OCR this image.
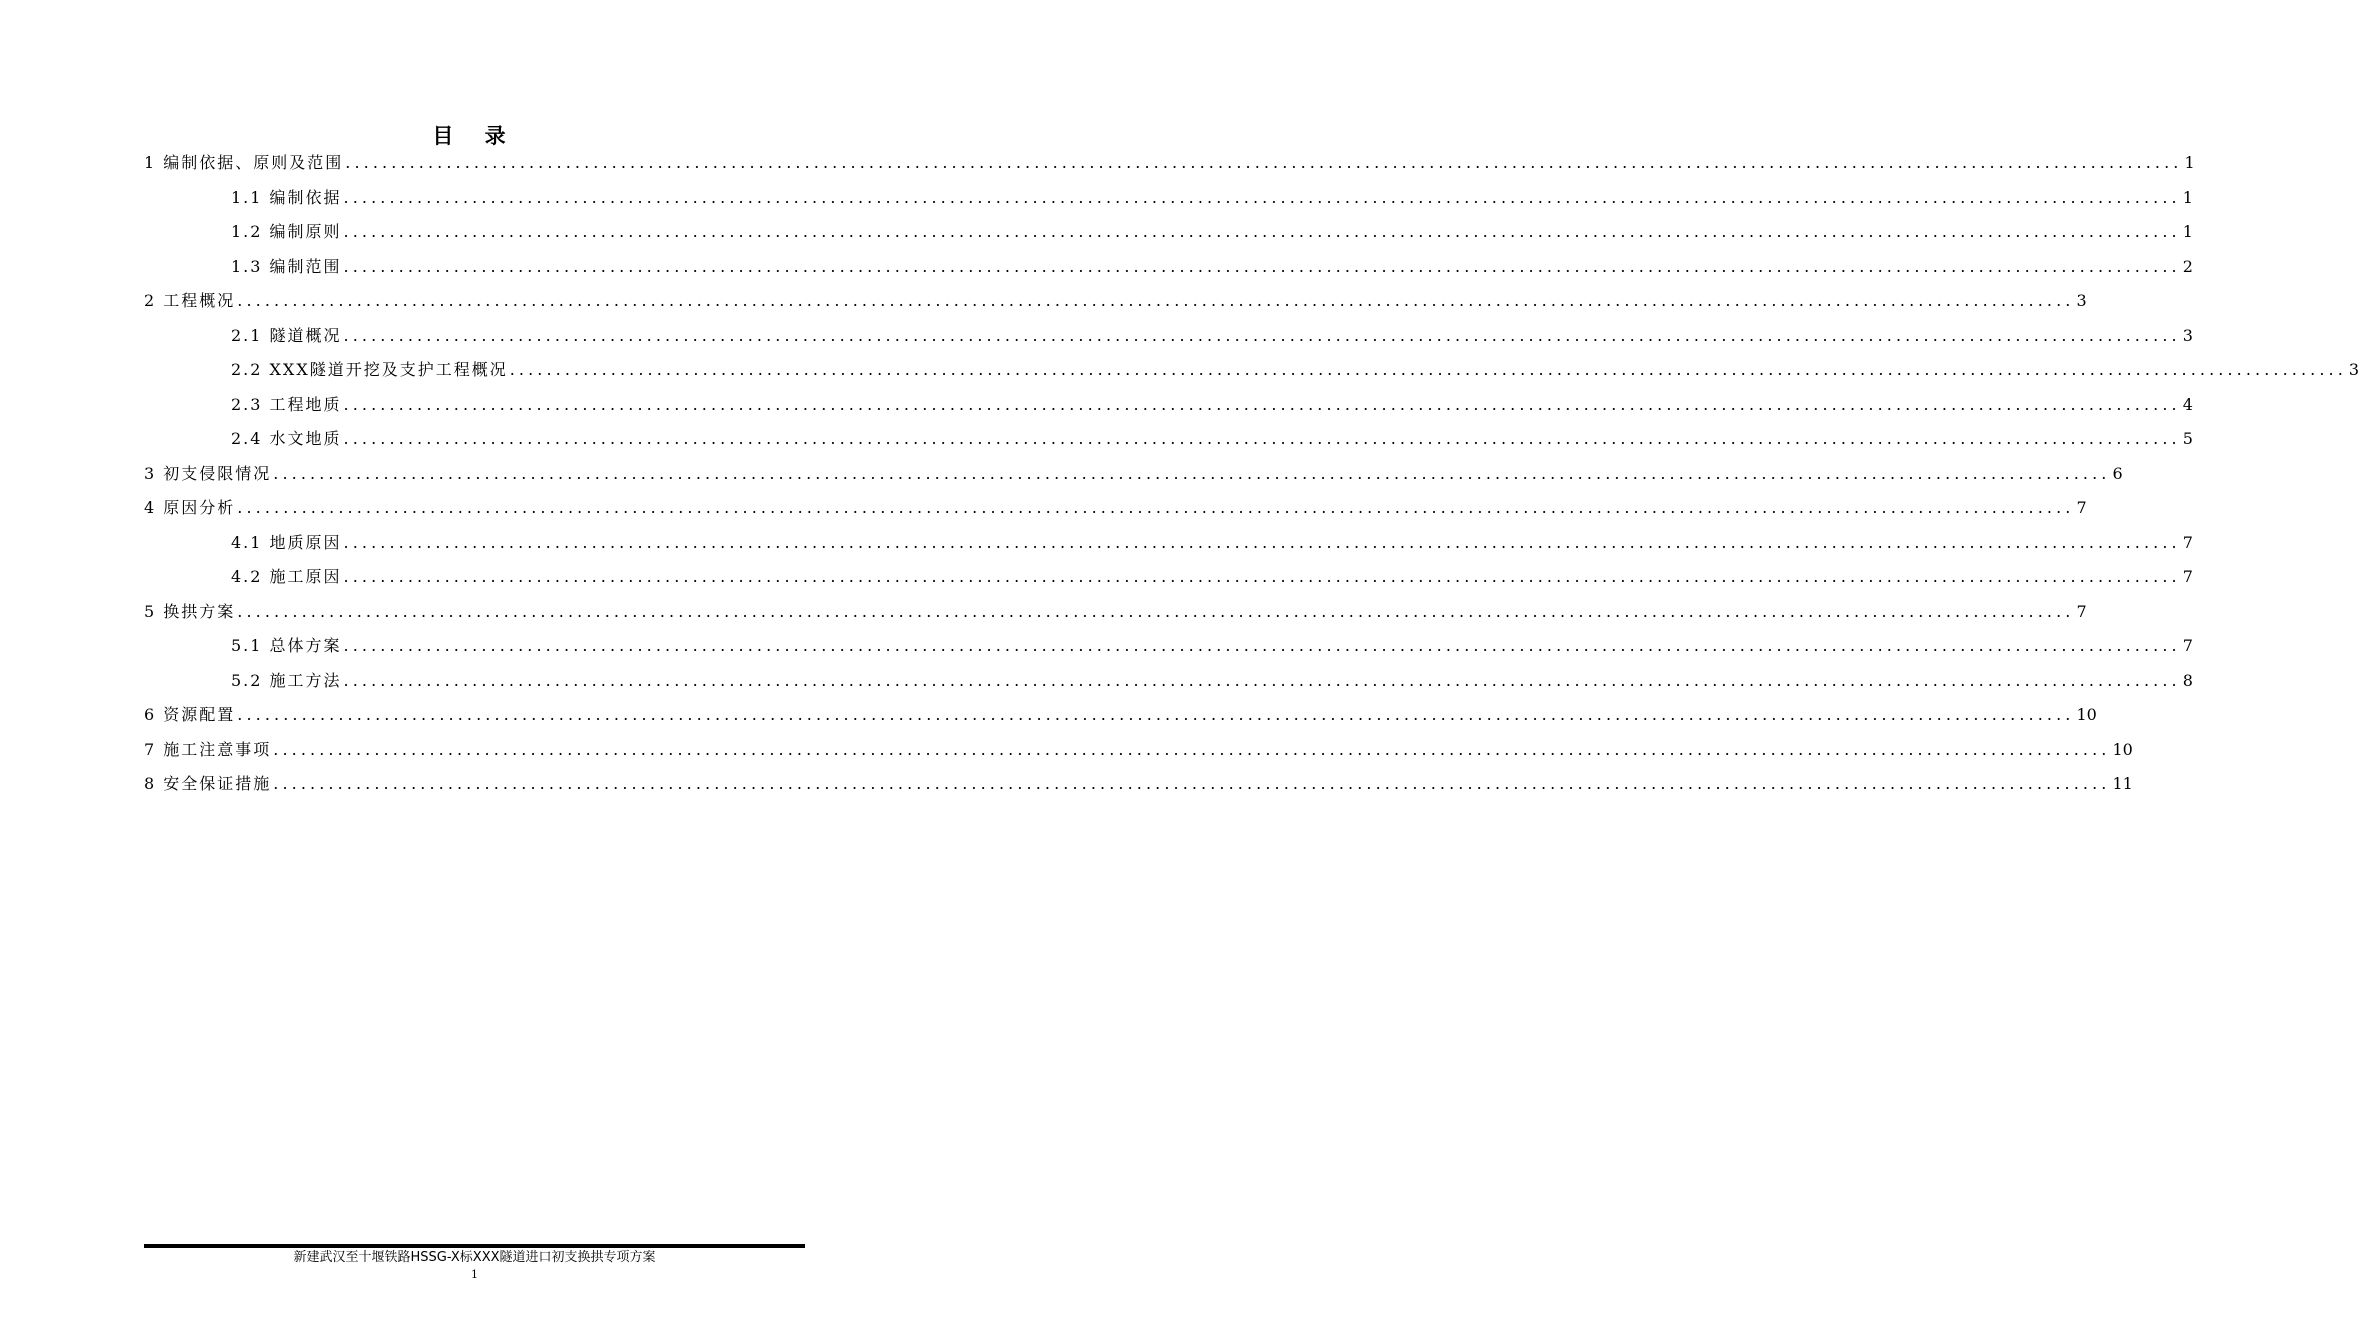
目 录
1 编制依据、原则及范围 ........................................................................................................................................................................................................ 1
1.1 编制依据 ........................................................................................................................................................................................................ 1
1.2 编制原则 ........................................................................................................................................................................................................ 1
1.3 编制范围 ........................................................................................................................................................................................................ 2
2 工程概况 ........................................................................................................................................................................................................ 3
2.1 隧道概况 ........................................................................................................................................................................................................ 3
2.2 XXX隧道开挖及支护工程概况 ........................................................................................................................................................................................................ 3
2.3 工程地质 ........................................................................................................................................................................................................ 4
2.4 水文地质 ........................................................................................................................................................................................................ 5
3 初支侵限情况 ........................................................................................................................................................................................................ 6
4 原因分析 ........................................................................................................................................................................................................ 7
4.1 地质原因 ........................................................................................................................................................................................................ 7
4.2 施工原因 ........................................................................................................................................................................................................ 7
5 换拱方案 ........................................................................................................................................................................................................ 7
5.1 总体方案 ........................................................................................................................................................................................................ 7
5.2 施工方法 ........................................................................................................................................................................................................ 8
6 资源配置 ........................................................................................................................................................................................................ 10
7 施工注意事项 ........................................................................................................................................................................................................ 10
8 安全保证措施 ........................................................................................................................................................................................................ 11
新建武汉至十堰铁路HSSG-X标XXX隧道进口初支换拱专项方案
1
